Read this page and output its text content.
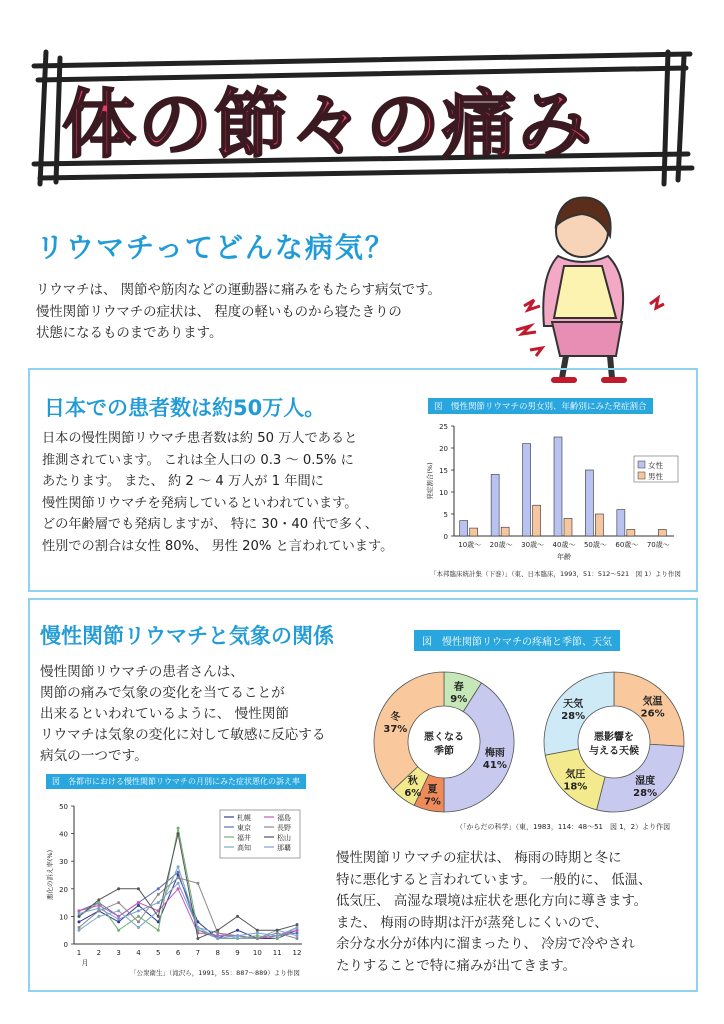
体の節々の痛み
リウマチってどんな病気？
リウマチは、 関節や筋肉などの運動器に痛みをもたらす病気です。
慢性関節リウマチの症状は、 程度の軽いものから寝たきりの
状態になるものまであります。
日本での患者数は約50万人。
日本の慢性関節リウマチ患者数は約 50 万人であると
推測されています。 これは全人口の 0.3 ～ 0.5% に
あたります。 また、 約 2 ～ 4 万人が 1 年間に
慢性関節リウマチを発病しているといわれています。
どの年齢層でも発病しますが、 特に 30・40 代で多く、
性別での割合は女性 80%、 男性 20% と言われています。
図　慢性関節リウマチの男女別、年齢別にみた発症割合
0
5
10
15
20
25
発症割合(%)
10歳～ 20歳～ 30歳～ 40歳～ 50歳～ 60歳～ 70歳～
年齢
女性
男性
「本邦臨床統計集（下巻）」（東、日本臨床，1993，51：512～521　図 1）より作図
慢性関節リウマチと気象の関係
慢性関節リウマチの患者さんは、
関節の痛みで気象の変化を当てることが
出来るといわれているように、 慢性関節
リウマチは気象の変化に対して敏感に反応する
病気の一つです。
図　慢性関節リウマチの疼痛と季節、天気
春
9%
梅雨
41%
夏
7%
秋
6%
冬
37%
悪くなる
季節
気温
26%
湿度
28%
気圧
18%
天気
28%
悪影響を
与える天候
（「からだの科学」（東，1983，114：48～51　図 1，2）より作図
図　各都市における慢性関節リウマチの月別にみた症状悪化の訴え率
0
10
20
30
40
50
悪化の訴え率(%)
1 2 3 4 5 6 7 8 9 10 11 12
月
札幌	福島
東京	長野
福井	松山
高知	那覇
「公衆衛生」（滝沢ら，1991，55：887～889）より作図
慢性関節リウマチの症状は、 梅雨の時期と冬に
特に悪化すると言われています。 一般的に、 低温、
低気圧、 高湿な環境は症状を悪化方向に導きます。
また、 梅雨の時期は汗が蒸発しにくいので、
余分な水分が体内に溜まったり、 冷房で冷やされ
たりすることで特に痛みが出てきます。
